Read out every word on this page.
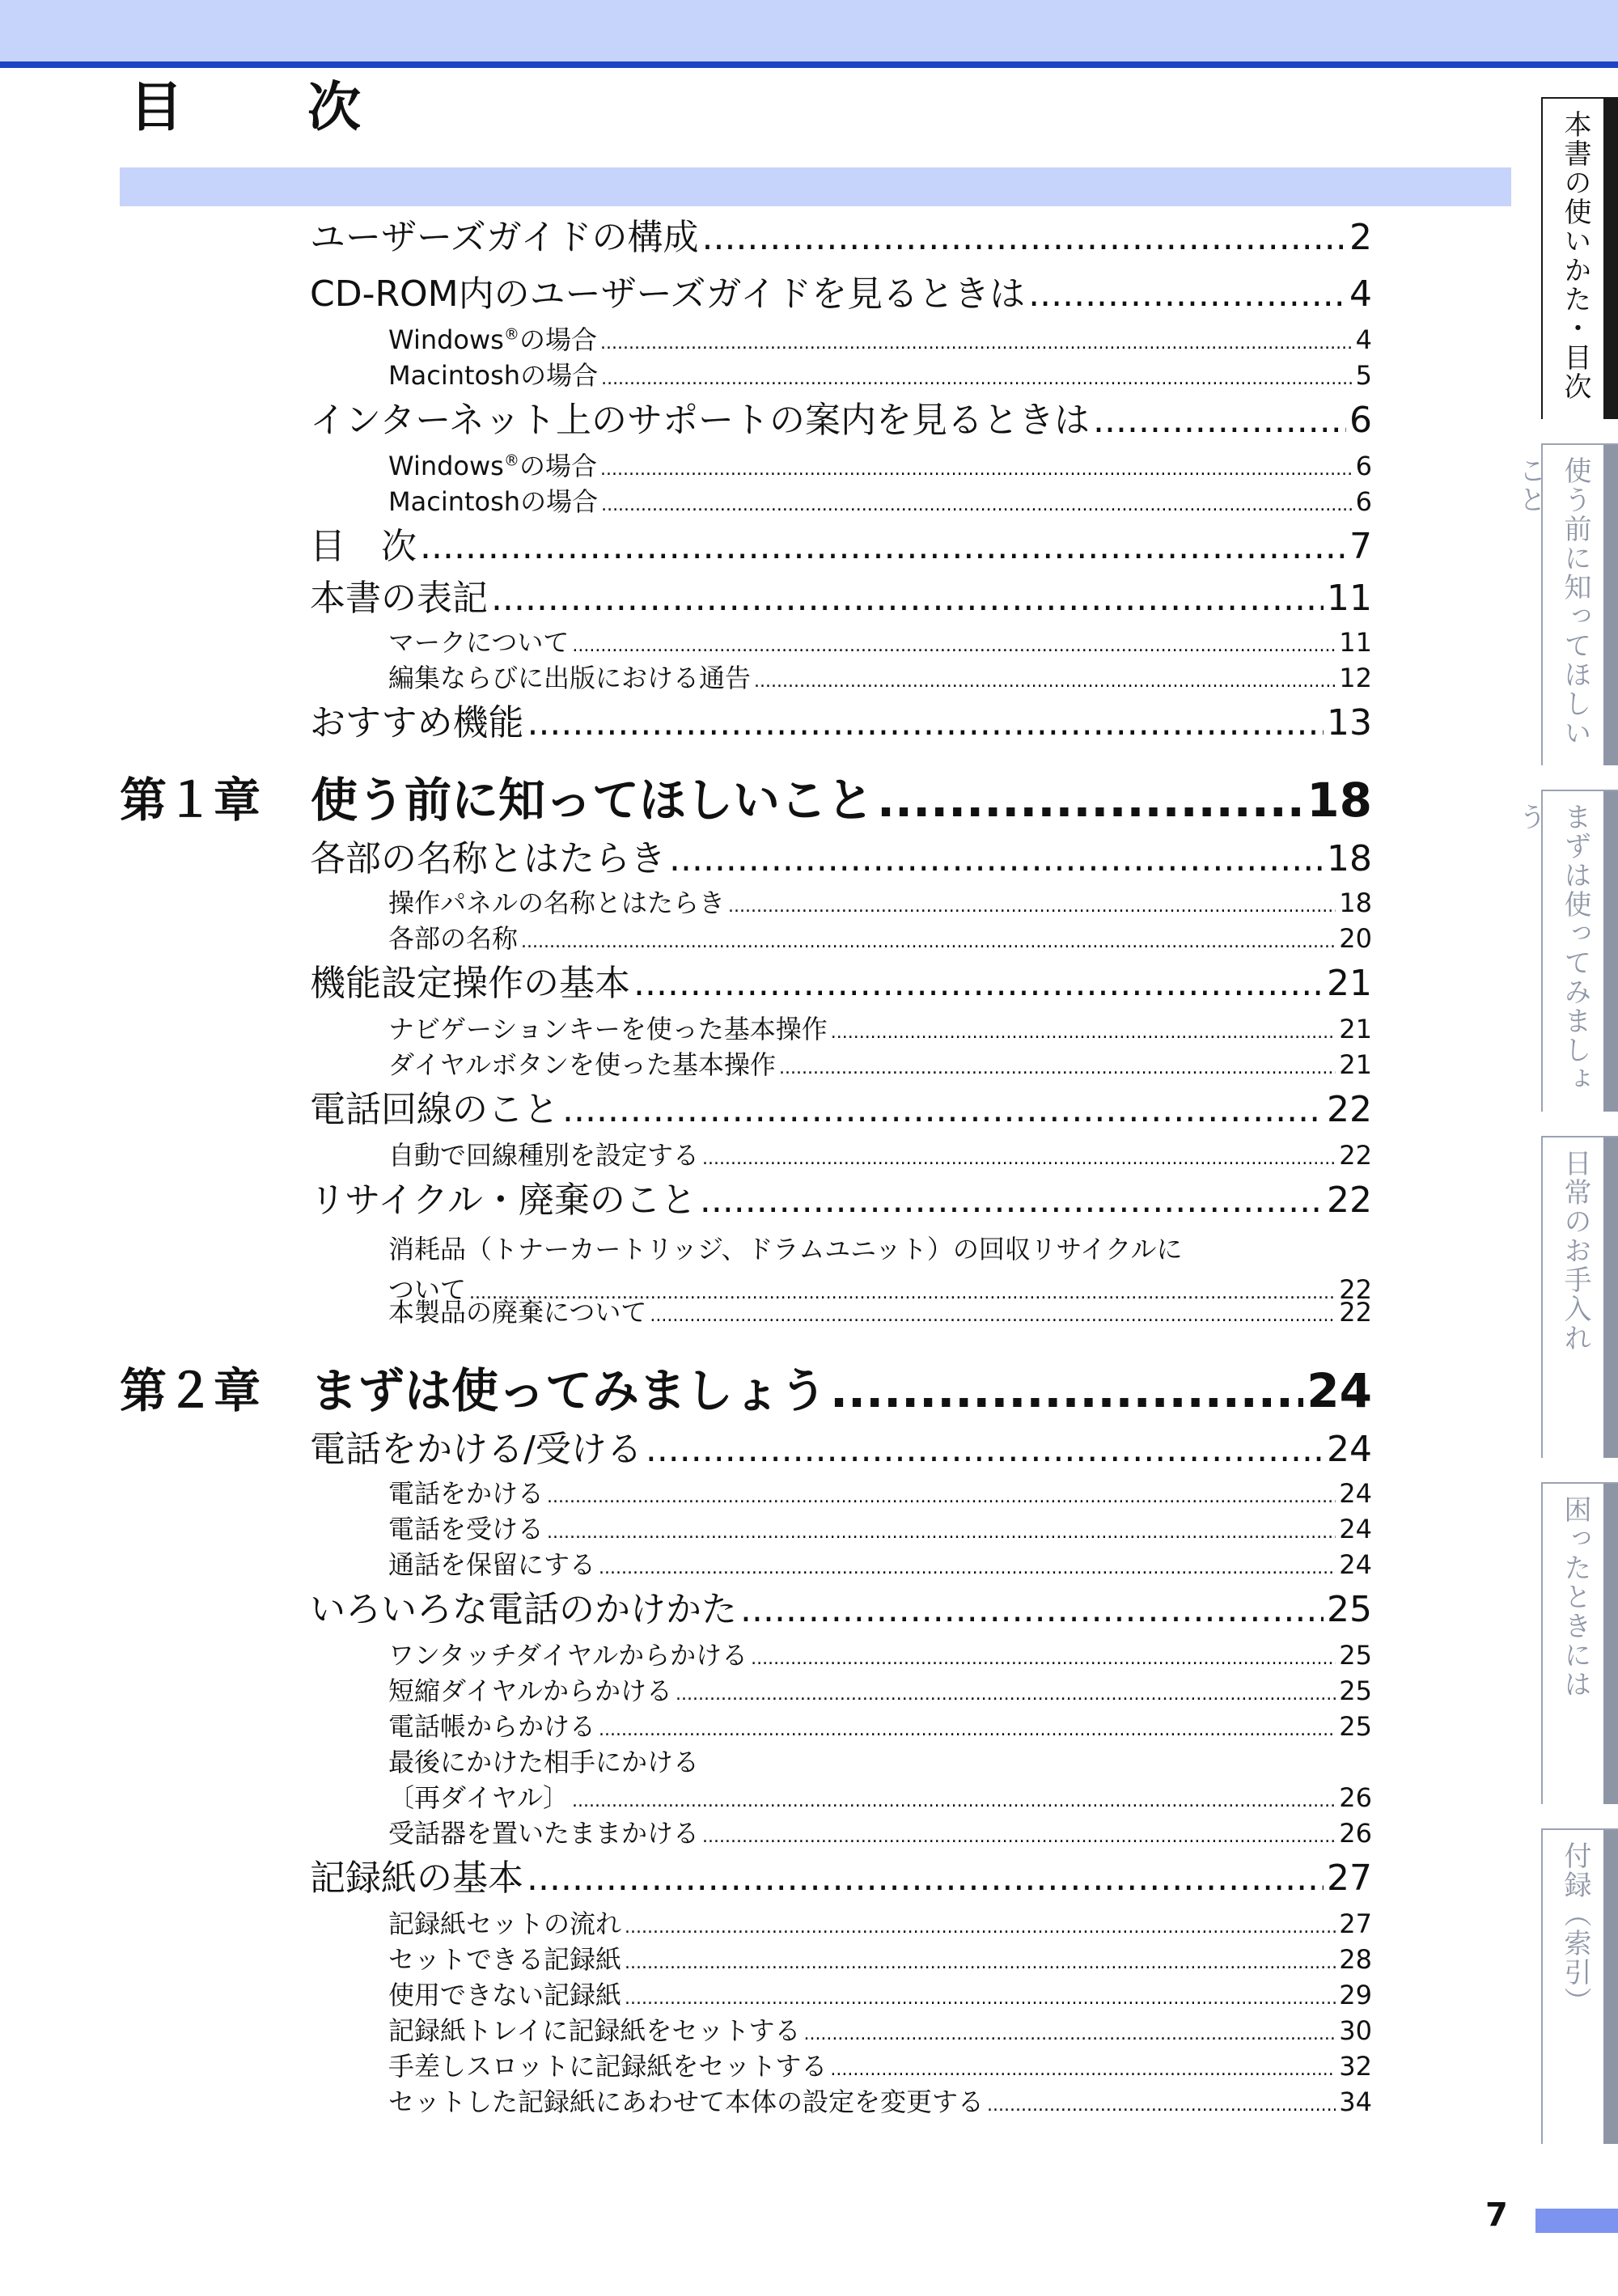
目　次
ユーザーズガイドの構成 .....	2
CD-ROM内のユーザーズガイドを見るときは .....	4
Windows®の場合 .....	4
Macintoshの場合 .....	5
インターネット上のサポートの案内を見るときは .....	6
Windows®の場合 .....	6
Macintoshの場合 .....	6
目　次 .....	7
本書の表記 .....	11
マークについて .....	11
編集ならびに出版における通告 .....	12
おすすめ機能 .....	13
第１章	使う前に知ってほしいこと .....	18
各部の名称とはたらき .....	18
操作パネルの名称とはたらき .....	18
各部の名称 .....	20
機能設定操作の基本 .....	21
ナビゲーションキーを使った基本操作 .....	21
ダイヤルボタンを使った基本操作 .....	21
電話回線のこと .....	22
自動で回線種別を設定する .....	22
リサイクル・廃棄のこと .....	22
消耗品（トナーカートリッジ、ドラムユニット）の回収リサイクルに
ついて .....	22
本製品の廃棄について .....	22
第２章	まずは使ってみましょう .....	24
電話をかける/受ける .....	24
電話をかける .....	24
電話を受ける .....	24
通話を保留にする .....	24
いろいろな電話のかけかた .....	25
ワンタッチダイヤルからかける .....	25
短縮ダイヤルからかける .....	25
電話帳からかける .....	25
最後にかけた相手にかける
〔再ダイヤル〕 .....	26
受話器を置いたままかける .....	26
記録紙の基本 .....	27
記録紙セットの流れ .....	27
セットできる記録紙 .....	28
使用できない記録紙 .....	29
記録紙トレイに記録紙をセットする .....	30
手差しスロットに記録紙をセットする .....	32
セットした記録紙にあわせて本体の設定を変更する .....	34
本書の使いかた・目次
使う前に知ってほしいこと
まずは使ってみましょう
日常のお手入れ
困ったときには
付録（索引）
7
